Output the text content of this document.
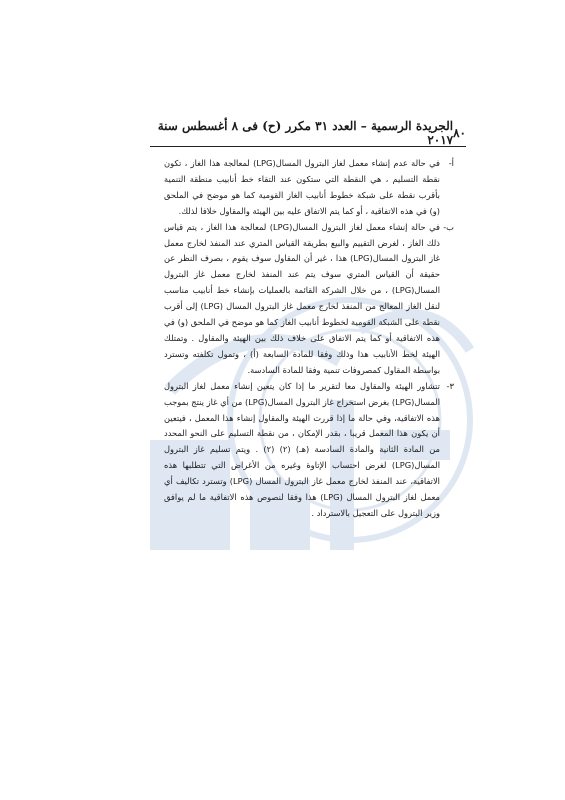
٨٠
الجريدة الرسمية – العدد ٣١ مكرر (ح) فى ٨ أغسطس سنة ٢٠١٧

أ-
في حالة عدم إنشاء معمل لغاز البترول المسال(LPG) لمعالجة هذا الغاز ، تكون نقطة التسليم ، هي النقطة التي ستكون عند التقاء خط أنابيب منطقة التنمية بأقرب نقطة على شبكة خطوط أنابيب الغاز القومية كما هو موضح في الملحق (و) في هذه الاتفاقية ، أو كما يتم الاتفاق عليه بين الهيئة والمقاول خلافا لذلك.

ب-
في حالة إنشاء معمل لغاز البترول المسال(LPG) لمعالجة هذا الغاز ، يتم قياس ذلك الغاز ، لغرض التقييم والبيع بطريقة القياس المتري عند المنفذ لخارج معمل غاز البترول المسال(LPG) هذا ، غير أن المقاول سوف يقوم ، بصرف النظر عن حقيقة أن القياس المتري سوف يتم عند المنفذ لخارج معمل غاز البترول المسال(LPG) ، من خلال الشركة القائمة بالعمليات بإنشاء خط أنابيب مناسب لنقل الغاز المعالج من المنفذ لخارج معمل غاز البترول المسال (LPG) إلى أقرب نقطة على الشبكة القومية لخطوط أنابيب الغاز كما هو موضح في الملحق (و) في هذه الاتفاقية أو كما يتم الاتفاق على خلاف ذلك بين الهيئة والمقاول . وتمتلك الهيئة لخط الأنابيب هذا وذلك وفقا للمادة السابعة (أ) ، وتمول تكلفته وتسترد بواسطة المقاول كمصروفات تنمية وفقا للمادة السادسة.

٣-
تتشاور الهيئة والمقاول معا لتقرير ما إذا كان يتعين إنشاء معمل لغاز البترول المسال(LPG) بغرض استخراج غاز البترول المسال(LPG) من أي غاز ينتج بموجب هذه الاتفاقية، وفي حالة ما إذا قررت الهيئة والمقاول إنشاء هذا المعمل ، فيتعين أن يكون هذا المعمل قريبا ، بقدر الإمكان ، من نقطة التسليم على النحو المحدد من المادة الثانية والمادة السادسة (هـ) (٢) (٢) . ويتم تسليم غاز البترول المسال(LPG) لغرض احتساب الإتاوة وغيره من الأغراض التي تتطلبها هذه الاتفاقية، عند المنفذ لخارج معمل غاز البترول المسال (LPG) وتسترد تكاليف أي معمل لغاز البترول المسال (LPG) هذا وفقا لنصوص هذه الاتفاقية ما لم يوافق وزير البترول على التعجيل بالاسترداد .
